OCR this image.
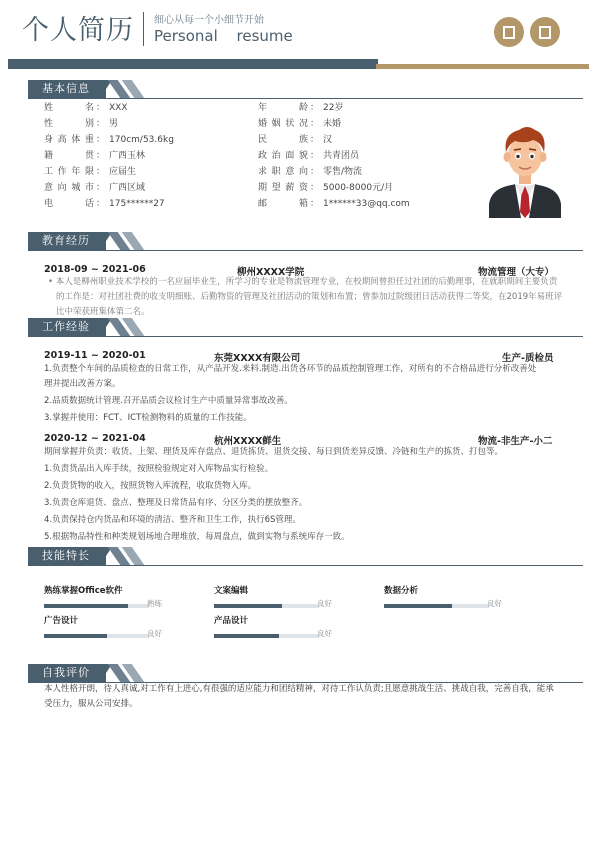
个人简历 细心从每一个小细节开始
Personal resume
基本信息
姓名 ： XXX	年龄 ： 22岁
性别 ： 男	婚姻状况 ： 未婚
身高体重 ： 170cm/53.6kg	民族 ： 汉
籍贯 ： 广西玉林	政治面貌 ： 共青团员
工作年限 ： 应届生	求职意向 ： 零售/物流
意向城市 ： 广西区域	期望薪资 ： 5000-8000元/月
电话 ： 175******27	邮箱 ： 1******33@qq.com
教育经历
2018-09 ~ 2021-06	柳州XXXX学院	物流管理（大专）
• 本人是柳州职业技术学校的一名应届毕业生，所学习的专业是物流管理专业，在校期间曾担任过社团的后勤理事，在就职期间主要负责的工作是：对社团社费的收支明细账、后勤物资的管理及社团活动的策划和布置；曾参加过院级团日活动获得二等奖，在2019年易班评比中荣获班集体第二名。
工作经验
2019-11 ~ 2020-01	东莞XXXX有限公司	生产-质检员
1.负责整个车间的品质检查的日常工作，从产品开发.来料.制造.出货各环节的品质控制管理工作，对所有的不合格品进行分析改善处理并提出改善方案。
2.品质数据统计管理.召开品质会议检讨生产中质量异常事故改善。
3.掌握并使用：FCT、ICT检测物料的质量的工作技能。
2020-12 ~ 2021-04	杭州XXXX鲜生	物流-非生产-小二
期间掌握并负责：收货、上架、理货及库存盘点、退货拣货、退货交接、每日到货差异反馈、冷链和生产的拣货、打包等。
1.负责货品出入库手续，按照检验规定对入库物品实行检验。
2.负责货物的收入，按照货物入库流程，收取货物入库。
3.负责仓库退货、盘点、整理及日常货品有序、分区分类的摆放整齐。
4.负责保持仓内货品和环境的清洁、整齐和卫生工作，执行6S管理。
5.根据物品特性和种类规划场地合理堆放，每周盘点，做到实物与系统库存一致。
技能特长
熟练掌握Office软件
熟练
文案编辑
良好
数据分析
良好
广告设计
良好
产品设计
良好
自我评价
本人性格开朗，待人真诚,对工作有上进心,有很强的适应能力和团结精神，对待工作认负责;且愿意挑战生活、挑战自我，完善自我，能承受压力，服从公司安排。
